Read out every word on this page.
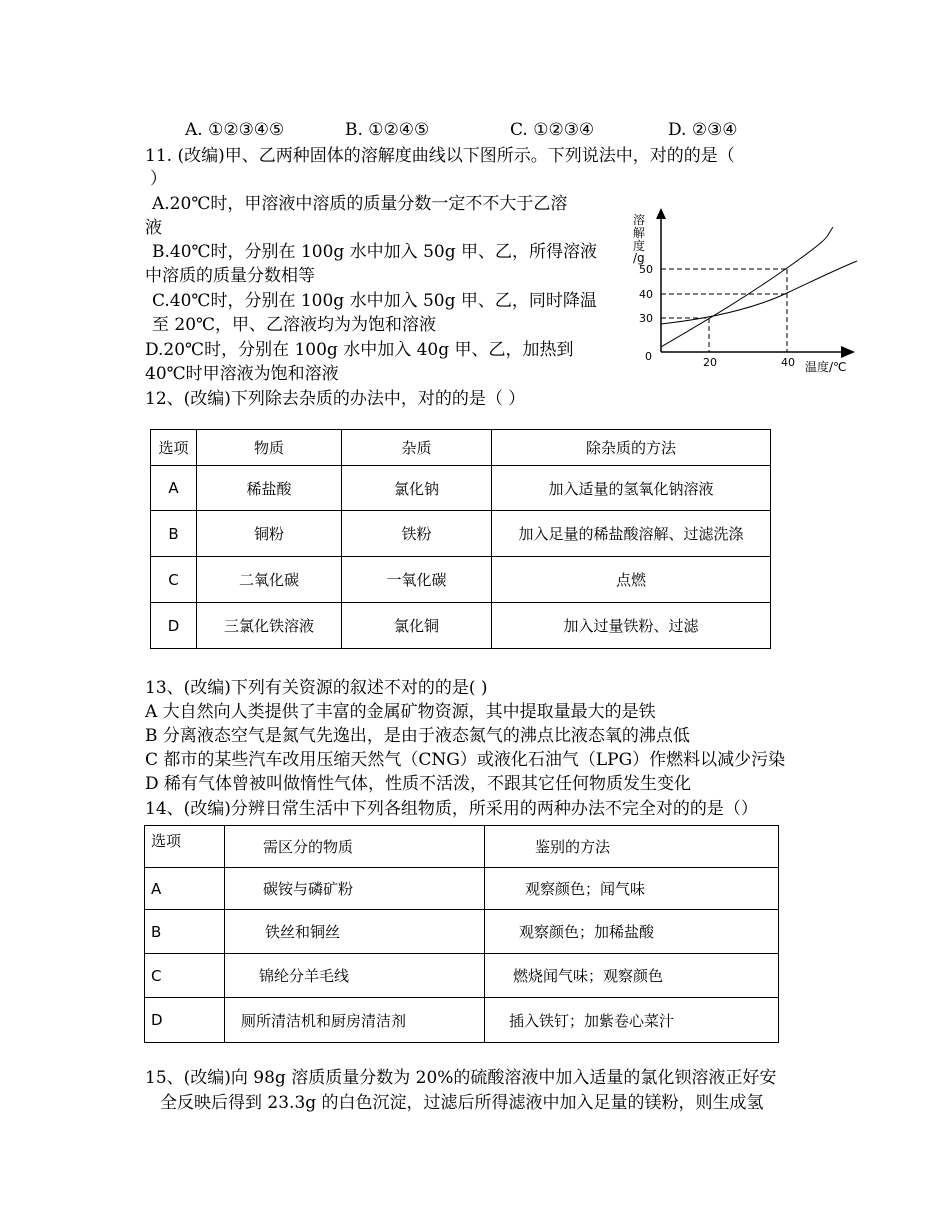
A. ①②③④⑤	B. ①②④⑤	C. ①②③④	D. ②③④
11. (改编)甲、乙两种固体的溶解度曲线以下图所示。下列说法中，对的的是（
）
A.20℃时，甲溶液中溶质的质量分数一定不不大于乙溶
液
B.40℃时，分别在 100g 水中加入 50g 甲、乙，所得溶液
中溶质的质量分数相等
C.40℃时，分别在 100g 水中加入 50g 甲、乙，同时降温
至 20℃，甲、乙溶液均为为饱和溶液
D.20℃时，分别在 100g 水中加入 40g 甲、乙，加热到
40℃时甲溶液为饱和溶液
溶
解
度
/g
温度/℃
0
50
40
30
20	40
12、(改编)下列除去杂质的办法中，对的的是（ ）
选项	物质	杂质	除杂质的方法
A	稀盐酸	氯化钠	加入适量的氢氧化钠溶液
B	铜粉	铁粉	加入足量的稀盐酸溶解、过滤洗涤
C	二氧化碳	一氧化碳	点燃
D	三氯化铁溶液	氯化铜	加入过量铁粉、过滤
13、(改编)下列有关资源的叙述不对的的是( )
A 大自然向人类提供了丰富的金属矿物资源，其中提取量最大的是铁
B 分离液态空气是氮气先逸出，是由于液态氮气的沸点比液态氧的沸点低
C 都市的某些汽车改用压缩天然气（CNG）或液化石油气（LPG）作燃料以减少污染
D 稀有气体曾被叫做惰性气体，性质不活泼，不跟其它任何物质发生变化
14、(改编)分辨日常生活中下列各组物质，所采用的两种办法不完全对的的是（）
选项	需区分的物质	鉴别的方法
A	碳铵与磷矿粉	观察颜色；闻气味
B	铁丝和铜丝	观察颜色；加稀盐酸
C	锦纶分羊毛线	燃烧闻气味；观察颜色
D	厕所清洁机和厨房清洁剂	插入铁钉；加紫卷心菜汁
15、(改编)向 98g 溶质质量分数为 20%的硫酸溶液中加入适量的氯化钡溶液正好安
全反映后得到 23.3g 的白色沉淀，过滤后所得滤液中加入足量的镁粉，则生成氢
